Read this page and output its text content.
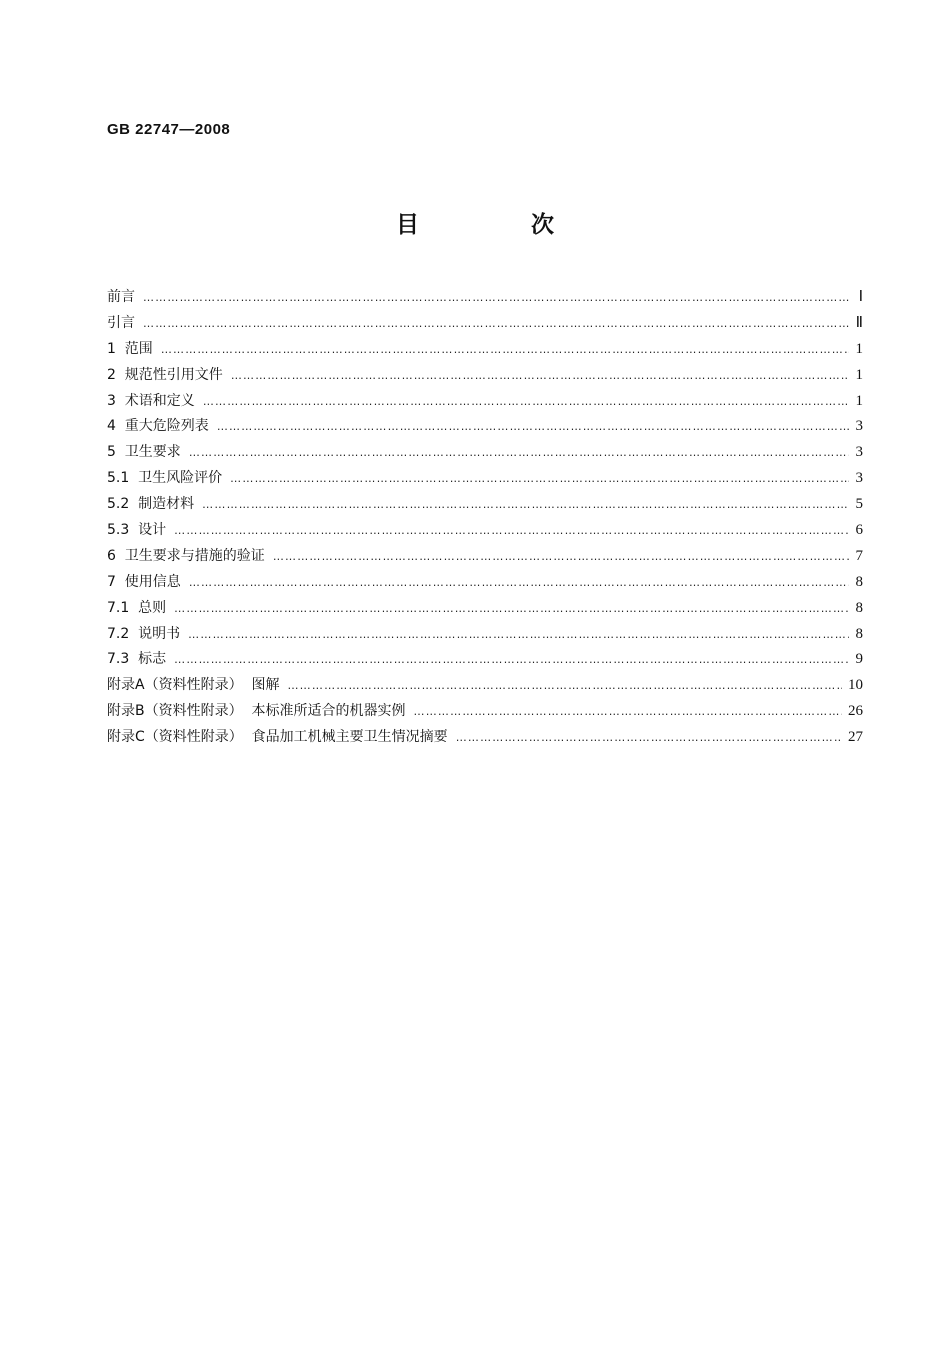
GB 22747—2008
目 次
前言 …………………………………………………………………………………………………………………………………………………………………………………………………………	Ⅰ
引言 …………………………………………………………………………………………………………………………………………………………………………………………………………	Ⅱ
1  范围 …………………………………………………………………………………………………………………………………………………………………………………………………………	1
2  规范性引用文件 …………………………………………………………………………………………………………………………………………………………………………………………………………	1
3  术语和定义 …………………………………………………………………………………………………………………………………………………………………………………………………………	1
4  重大危险列表 …………………………………………………………………………………………………………………………………………………………………………………………………………	3
5  卫生要求 …………………………………………………………………………………………………………………………………………………………………………………………………………	3
5.1  卫生风险评价 …………………………………………………………………………………………………………………………………………………………………………………………………………	3
5.2  制造材料 …………………………………………………………………………………………………………………………………………………………………………………………………………	5
5.3  设计 …………………………………………………………………………………………………………………………………………………………………………………………………………	6
6  卫生要求与措施的验证 …………………………………………………………………………………………………………………………………………………………………………………………………………	7
7  使用信息 …………………………………………………………………………………………………………………………………………………………………………………………………………	8
7.1  总则 …………………………………………………………………………………………………………………………………………………………………………………………………………	8
7.2  说明书 …………………………………………………………………………………………………………………………………………………………………………………………………………	8
7.3  标志 …………………………………………………………………………………………………………………………………………………………………………………………………………	9
附录A（资料性附录）  图解 …………………………………………………………………………………………………………………………………………………………………………………………………………	10
附录B（资料性附录）  本标准所适合的机器实例 …………………………………………………………………………………………………………………………………………………………………………………………………………	26
附录C（资料性附录）  食品加工机械主要卫生情况摘要 …………………………………………………………………………………………………………………………………………………………………………………………………………	27
